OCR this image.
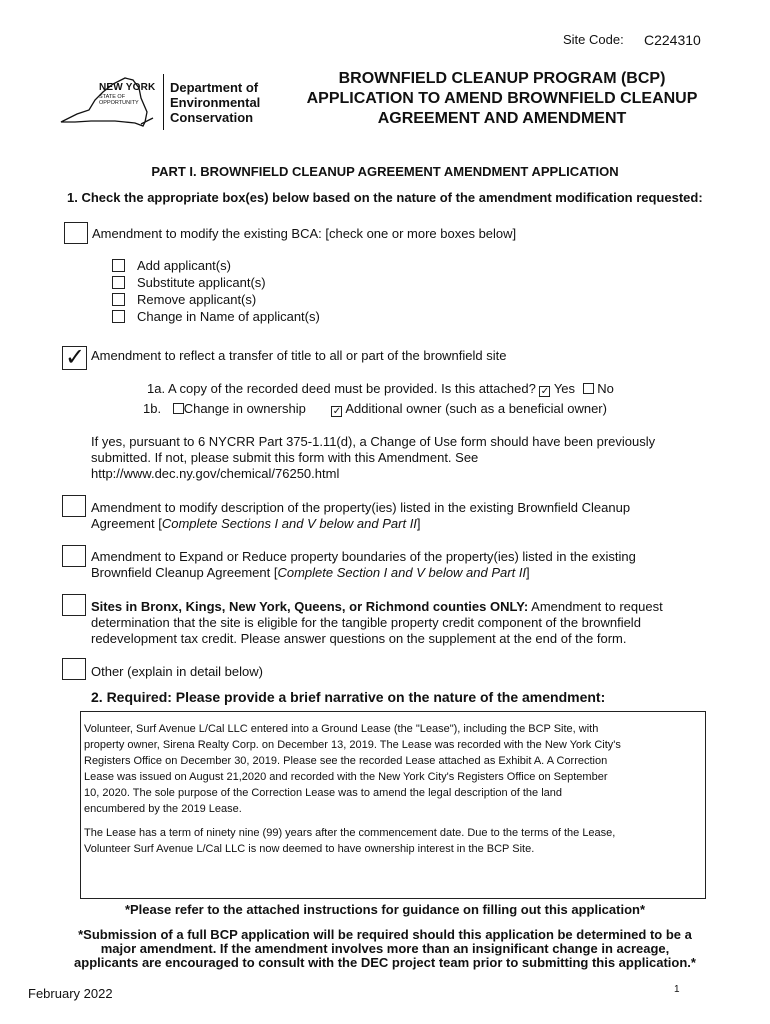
Site Code: C224310
NEW YORK
STATE OF OPPORTUNITY
Department of
Environmental
Conservation
BROWNFIELD CLEANUP PROGRAM (BCP)
APPLICATION TO AMEND BROWNFIELD CLEANUP
AGREEMENT AND AMENDMENT
PART I. BROWNFIELD CLEANUP AGREEMENT AMENDMENT APPLICATION
1. Check the appropriate box(es) below based on the nature of the amendment modification requested:
Amendment to modify the existing BCA: [check one or more boxes below]
Add applicant(s)
Substitute applicant(s)
Remove applicant(s)
Change in Name of applicant(s)
✓ Amendment to reflect a transfer of title to all or part of the brownfield site
1a. A copy of the recorded deed must be provided. Is this attached? ✓ Yes No
1b. Change in ownership	✓ Additional owner (such as a beneficial owner)
If yes, pursuant to 6 NYCRR Part 375-1.11(d), a Change of Use form should have been previously
submitted. If not, please submit this form with this Amendment. See
http://www.dec.ny.gov/chemical/76250.html
Amendment to modify description of the property(ies) listed in the existing Brownfield Cleanup
Agreement [Complete Sections I and V below and Part II]
Amendment to Expand or Reduce property boundaries of the property(ies) listed in the existing
Brownfield Cleanup Agreement [Complete Section I and V below and Part II]
Sites in Bronx, Kings, New York, Queens, or Richmond counties ONLY: Amendment to request
determination that the site is eligible for the tangible property credit component of the brownfield
redevelopment tax credit. Please answer questions on the supplement at the end of the form.
Other (explain in detail below)
2. Required: Please provide a brief narrative on the nature of the amendment:
Volunteer, Surf Avenue L/Cal LLC entered into a Ground Lease (the "Lease"), including the BCP Site, with
property owner, Sirena Realty Corp. on December 13, 2019. The Lease was recorded with the New York City's
Registers Office on December 30, 2019. Please see the recorded Lease attached as Exhibit A. A Correction
Lease was issued on August 21,2020 and recorded with the New York City's Registers Office on September
10, 2020. The sole purpose of the Correction Lease was to amend the legal description of the land
encumbered by the 2019 Lease.
The Lease has a term of ninety nine (99) years after the commencement date. Due to the terms of the Lease,
Volunteer Surf Avenue L/Cal LLC is now deemed to have ownership interest in the BCP Site.
*Please refer to the attached instructions for guidance on filling out this application*
*Submission of a full BCP application will be required should this application be determined to be a
major amendment. If the amendment involves more than an insignificant change in acreage,
applicants are encouraged to consult with the DEC project team prior to submitting this application.*
February 2022	1
